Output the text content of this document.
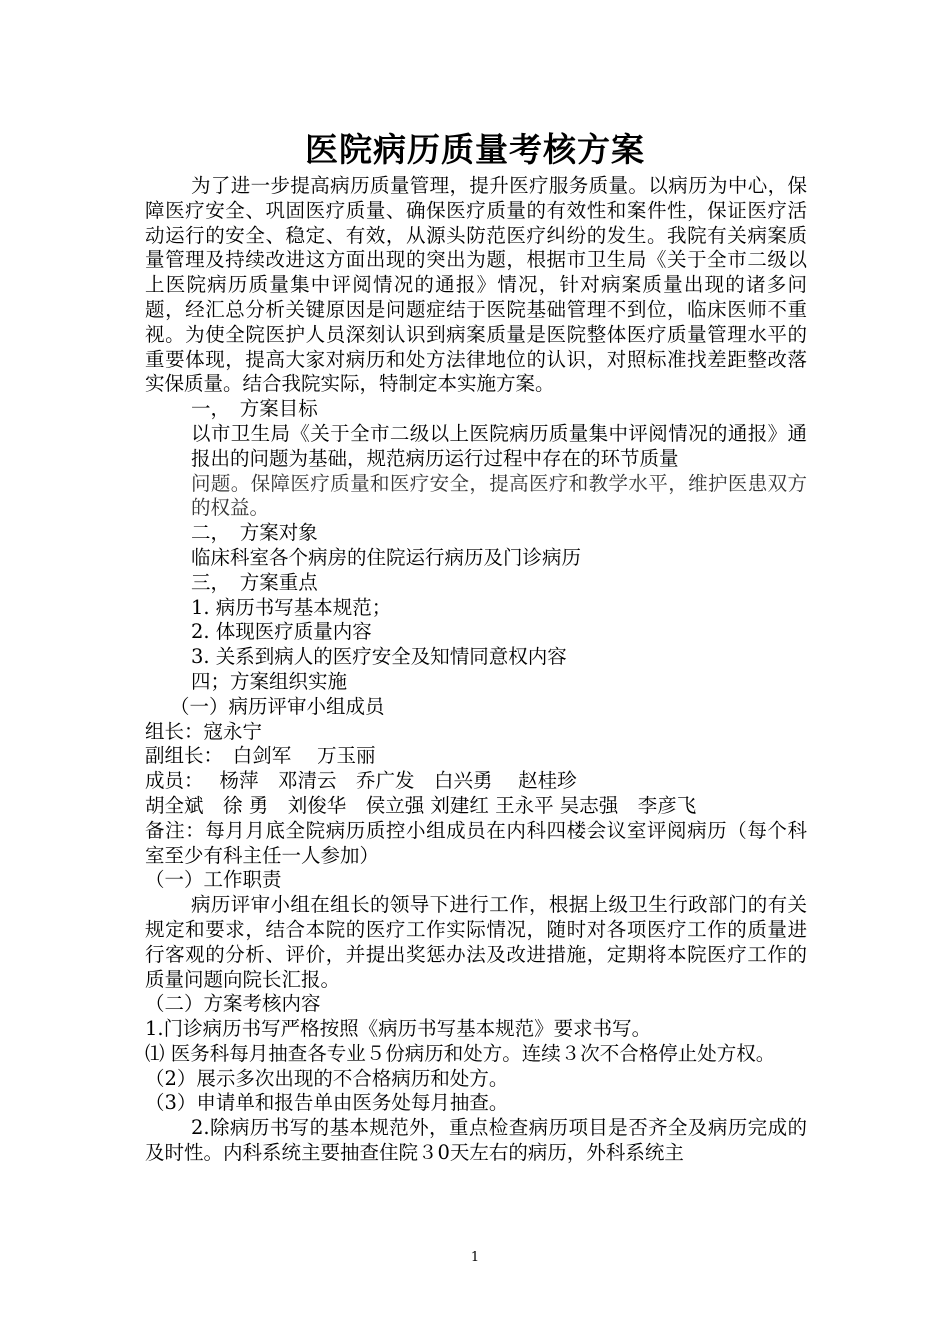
医院病历质量考核方案

为了进一步提高病历质量管理，提升医疗服务质量。以病历为中心，保障医疗安全、巩固医疗质量、确保医疗质量的有效性和案件性，保证医疗活动运行的安全、稳定、有效，从源头防范医疗纠纷的发生。我院有关病案质量管理及持续改进这方面出现的突出为题，根据市卫生局《关于全市二级以上医院病历质量集中评阅情况的通报》情况，针对病案质量出现的诸多问题，经汇总分析关键原因是问题症结于医院基础管理不到位，临床医师不重视。为使全院医护人员深刻认识到病案质量是医院整体医疗质量管理水平的重要体现，提高大家对病历和处方法律地位的认识，对照标准找差距整改落实保质量。结合我院实际，特制定本实施方案。

一，　方案目标

以市卫生局《关于全市二级以上医院病历质量集中评阅情况的通报》通报出的问题为基础，规范病历运行过程中存在的环节质量

问题。保障医疗质量和医疗安全，提高医疗和教学水平，维护医患双方的权益。

二，　方案对象

临床科室各个病房的住院运行病历及门诊病历

三，　方案重点

1. 病历书写基本规范；

2. 体现医疗质量内容

3. 关系到病人的医疗安全及知情同意权内容

四；方案组织实施

（一）病历评审小组成员

组长：寇永宁

副组长：　白剑军　 万玉丽

成员：　 杨萍　邓清云　乔广发　白兴勇　 赵桂珍

胡全斌　徐 勇　刘俊华　侯立强 刘建红 王永平 吴志强　李彦飞

备注：每月月底全院病历质控小组成员在内科四楼会议室评阅病历（每个科室至少有科主任一人参加）

（一）工作职责

病历评审小组在组长的领导下进行工作，根据上级卫生行政部门的有关规定和要求，结合本院的医疗工作实际情况，随时对各项医疗工作的质量进行客观的分析、评价，并提出奖惩办法及改进措施，定期将本院医疗工作的质量问题向院长汇报。

（二）方案考核内容

1.门诊病历书写严格按照《病历书写基本规范》要求书写。

⑴ 医务科每月抽查各专业５份病历和处方。连续３次不合格停止处方权。

（2）展示多次出现的不合格病历和处方。

（3）申请单和报告单由医务处每月抽查。

2.除病历书写的基本规范外，重点检查病历项目是否齐全及病历完成的及时性。内科系统主要抽查住院３0天左右的病历，外科系统主

1
